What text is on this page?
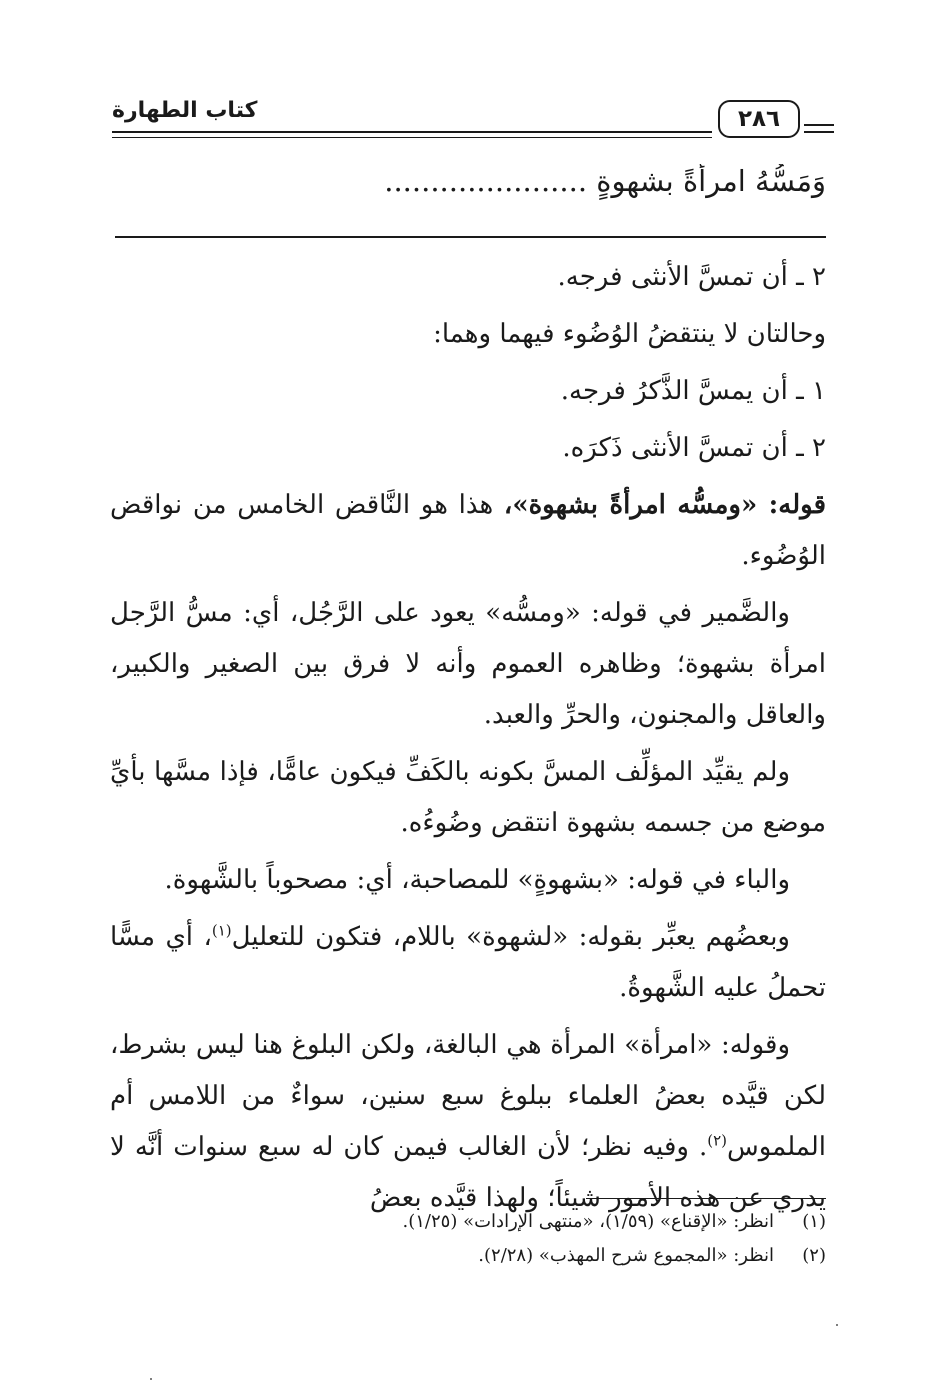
كتاب الطهارة	٢٨٦
وَمَسُّهُ امرأةً بشهوةٍ ......................

٢ ـ أن تمسَّ الأنثى فرجه.

وحالتان لا ينتقضُ الوُضُوء فيهما وهما:

١ ـ أن يمسَّ الذَّكرُ فرجه.

٢ ـ أن تمسَّ الأنثى ذَكرَه.

قوله: «ومسُّه امرأةً بشهوة»، هذا هو النَّاقض الخامس من نواقض الوُضُوء.

والضَّمير في قوله: «ومسُّه» يعود على الرَّجُل، أي: مسُّ الرَّجل امرأة بشهوة؛ وظاهره العموم وأنه لا فرق بين الصغير والكبير، والعاقل والمجنون، والحرِّ والعبد.

ولم يقيِّد المؤلِّف المسَّ بكونه بالكَفِّ فيكون عامًّا، فإذا مسَّها بأيِّ موضع من جسمه بشهوة انتقض وضُوءُه.

والباء في قوله: «بشهوةٍ» للمصاحبة، أي: مصحوباً بالشَّهوة.

وبعضُهم يعبِّر بقوله: «لشهوة» باللام، فتكون للتعليل$^{(١)}$، أي مسًّا تحملُ عليه الشَّهوةُ.

وقوله: «امرأة» المرأة هي البالغة، ولكن البلوغ هنا ليس بشرط، لكن قيَّده بعضُ العلماء ببلوغ سبع سنين، سواءٌ من اللامس أم الملموس$^{(٢)}$. وفيه نظر؛ لأن الغالب فيمن كان له سبع سنوات أنَّه لا يدري عن هذه الأمور شيئاً؛ ولهذا قيَّده بعضُ

(١)
انظر: «الإقناع» (١/٥٩)، «منتهى الإرادات» (١/٢٥).
(٢)
انظر: «المجموع شرح المهذب» (٢/٢٨).
